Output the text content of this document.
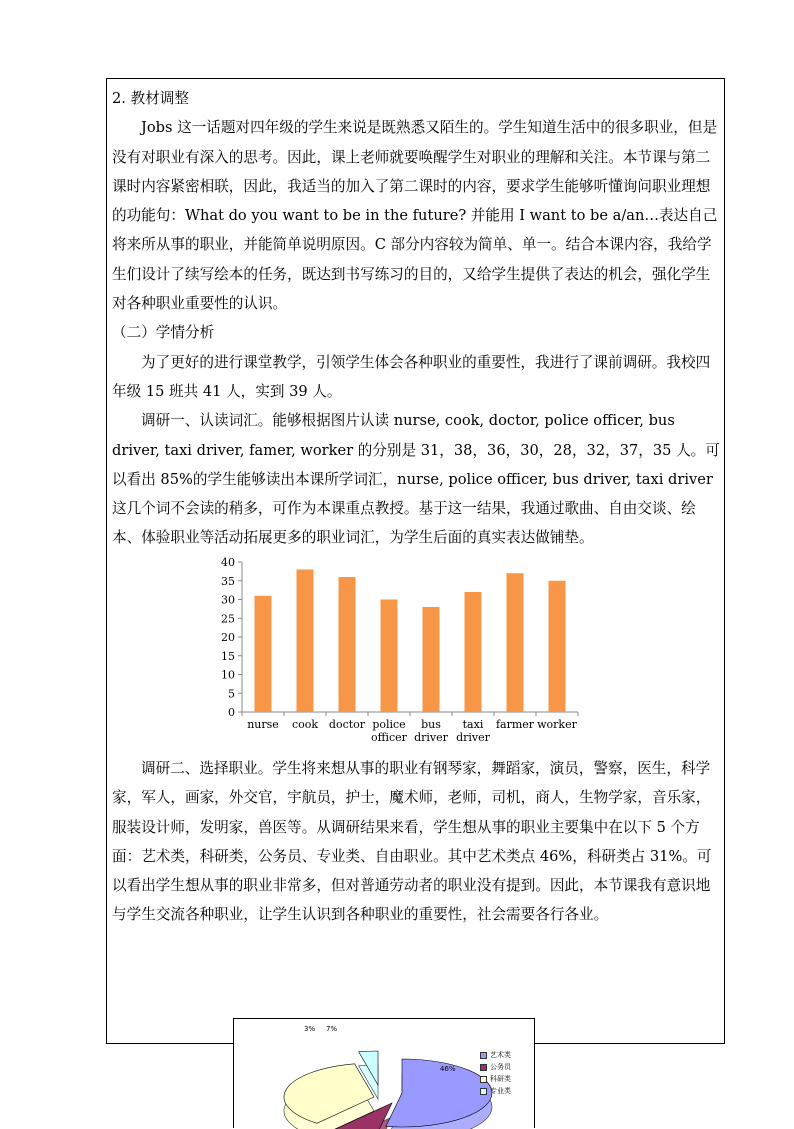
2. 教材调整

Jobs 这一话题对四年级的学生来说是既熟悉又陌生的。学生知道生活中的很多职业，但是没有对职业有深入的思考。因此，课上老师就要唤醒学生对职业的理解和关注。本节课与第二课时内容紧密相联，因此，我适当的加入了第二课时的内容，要求学生能够听懂询问职业理想的功能句：What do you want to be in the future? 并能用 I want to be a/an…表达自己将来所从事的职业，并能简单说明原因。C 部分内容较为简单、单一。结合本课内容，我给学生们设计了续写绘本的任务，既达到书写练习的目的，又给学生提供了表达的机会，强化学生对各种职业重要性的认识。

（二）学情分析

为了更好的进行课堂教学，引领学生体会各种职业的重要性，我进行了课前调研。我校四年级 15 班共 41 人，实到 39 人。

调研一、认读词汇。能够根据图片认读 nurse, cook, doctor, police officer, bus driver, taxi driver, famer, worker 的分别是 31，38，36，30，28，32，37，35 人。可以看出 85%的学生能够读出本课所学词汇，nurse, police officer, bus driver, taxi driver 这几个词不会读的稍多，可作为本课重点教授。基于这一结果，我通过歌曲、自由交谈、绘本、体验职业等活动拓展更多的职业词汇，为学生后面的真实表达做铺垫。

0
5
10
15
20
25
30
35
40
nurse cook doctor police
officer
bus
driver
taxi
driver
farmer worker

调研二、选择职业。学生将来想从事的职业有钢琴家，舞蹈家，演员，警察，医生，科学家，军人，画家，外交官，宇航员，护士，魔术师，老师，司机，商人，生物学家，音乐家，服装设计师，发明家，兽医等。从调研结果来看，学生想从事的职业主要集中在以下 5 个方面：艺术类，科研类，公务员、专业类、自由职业。其中艺术类点 46%，科研类占 31%。可以看出学生想从事的职业非常多，但对普通劳动者的职业没有提到。因此，本节课我有意识地与学生交流各种职业，让学生认识到各种职业的重要性，社会需要各行各业。

46%
7%
3%
艺术类
公务员
科研类
专业类
